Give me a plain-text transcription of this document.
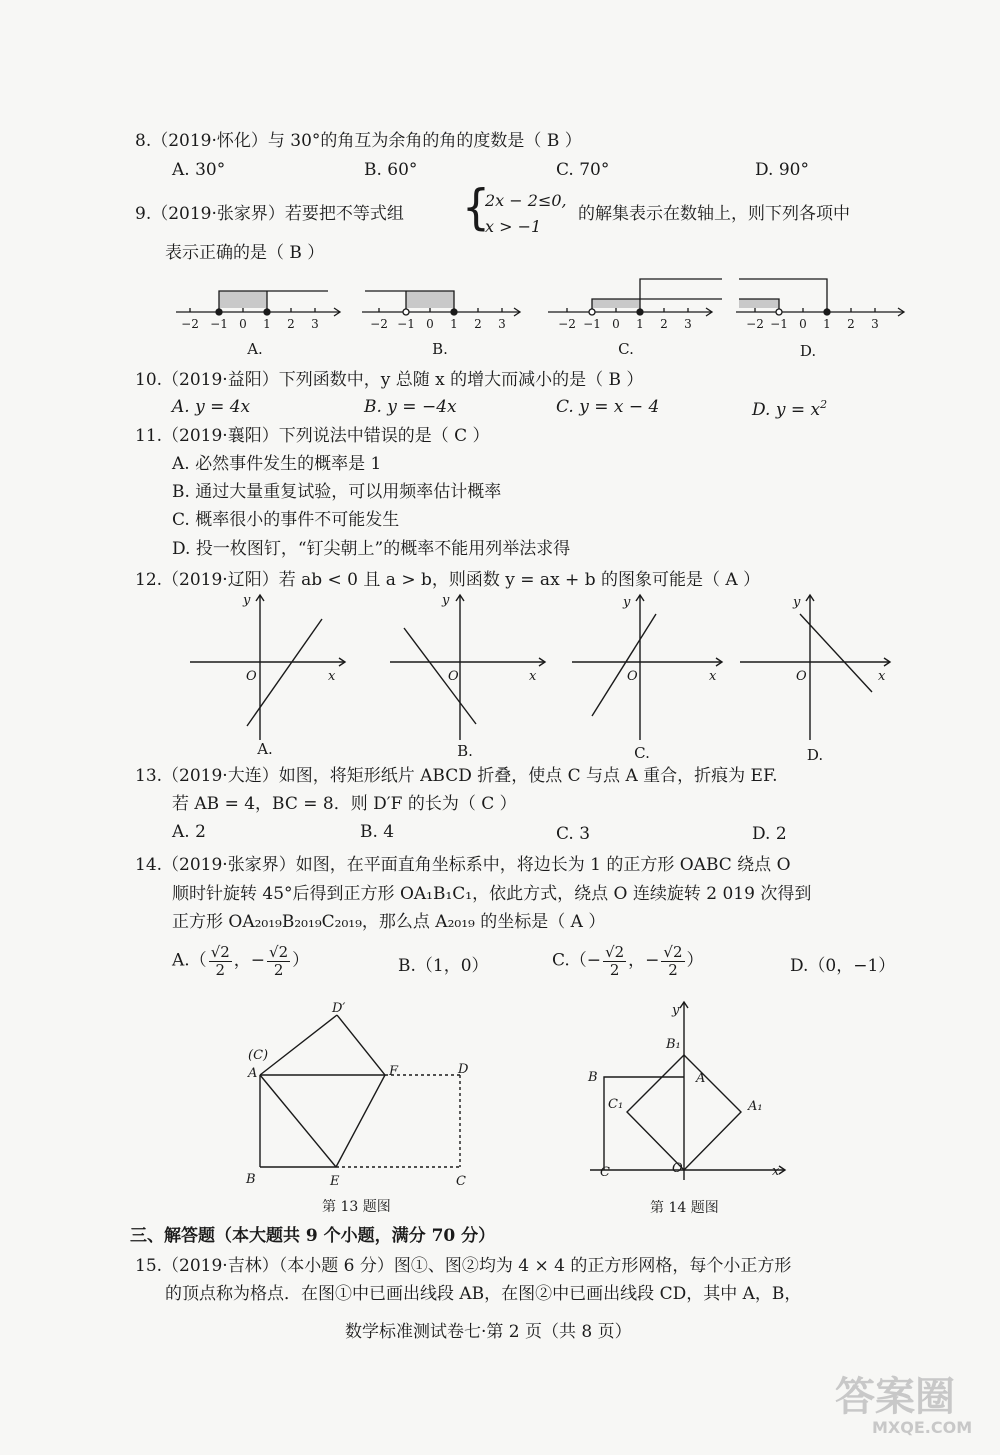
8.（2019·怀化）与 30°的角互为余角的角的度数是（ B ）
A. 30°	B. 60°	C. 70°	D. 90°
9.（2019·张家界）若要把不等式组 {
2x − 2≤0,
x > −1
的解集表示在数轴上，则下列各项中
表示正确的是（ B ）
−2 −1 0 1 2 3	−2 −1 0 1 2 3	−2 −1 0 1 2 3	−2 −1 0 1 2 3
A.	B.	C.	D.
10.（2019·益阳）下列函数中，y 总随 x 的增大而减小的是（ B ）
A. y = 4x	B. y = −4x	C. y = x − 4	D. $y = x^2$
11.（2019·襄阳）下列说法中错误的是（ C ）
A. 必然事件发生的概率是 1
B. 通过大量重复试验，可以用频率估计概率
C. 概率很小的事件不可能发生
D. 投一枚图钉，“钉尖朝上”的概率不能用列举法求得
12.（2019·辽阳）若 ab < 0 且 a > b，则函数 y = ax + b 的图象可能是（ A ）
y
x
O
y
x
O
y
x
O
y
x
O
A.	B.	C.	D.
13.（2019·大连）如图，将矩形纸片 ABCD 折叠，使点 C 与点 A 重合，折痕为 EF.
若 AB = 4，BC = 8．则 D′F 的长为（ C ）
A. 2	B. 4	C. 3	D. 2
14.（2019·张家界）如图，在平面直角坐标系中，将边长为 1 的正方形 OABC 绕点 O
顺时针旋转 45°后得到正方形 OA₁B₁C₁，依此方式，绕点 O 连续旋转 2 019 次得到
正方形 OA₂₀₁₉B₂₀₁₉C₂₀₁₉，那么点 A₂₀₁₉ 的坐标是（ A ）
$A.( \frac{√2}{2}$ ，− $\frac{√2}{2}$ ）	B.（1，0）	$C.(- \frac{√2}{2}$ ，− $\frac{√2}{2}$ ）	D.（0，−1）
D′
(C)
A	F	D
B	E	C
第 13 题图
y
B₁
B	A
C₁	A₁
C	O	x
第 14 题图
三、解答题（本大题共 9 个小题，满分 70 分）
15.（2019·吉林）（本小题 6 分）图①、图②均为 4 × 4 的正方形网格，每个小正方形
的顶点称为格点．在图①中已画出线段 AB，在图②中已画出线段 CD，其中 A，B，
数学标准测试卷七·第 2 页（共 8 页）
答案圈
MXQE.COM
